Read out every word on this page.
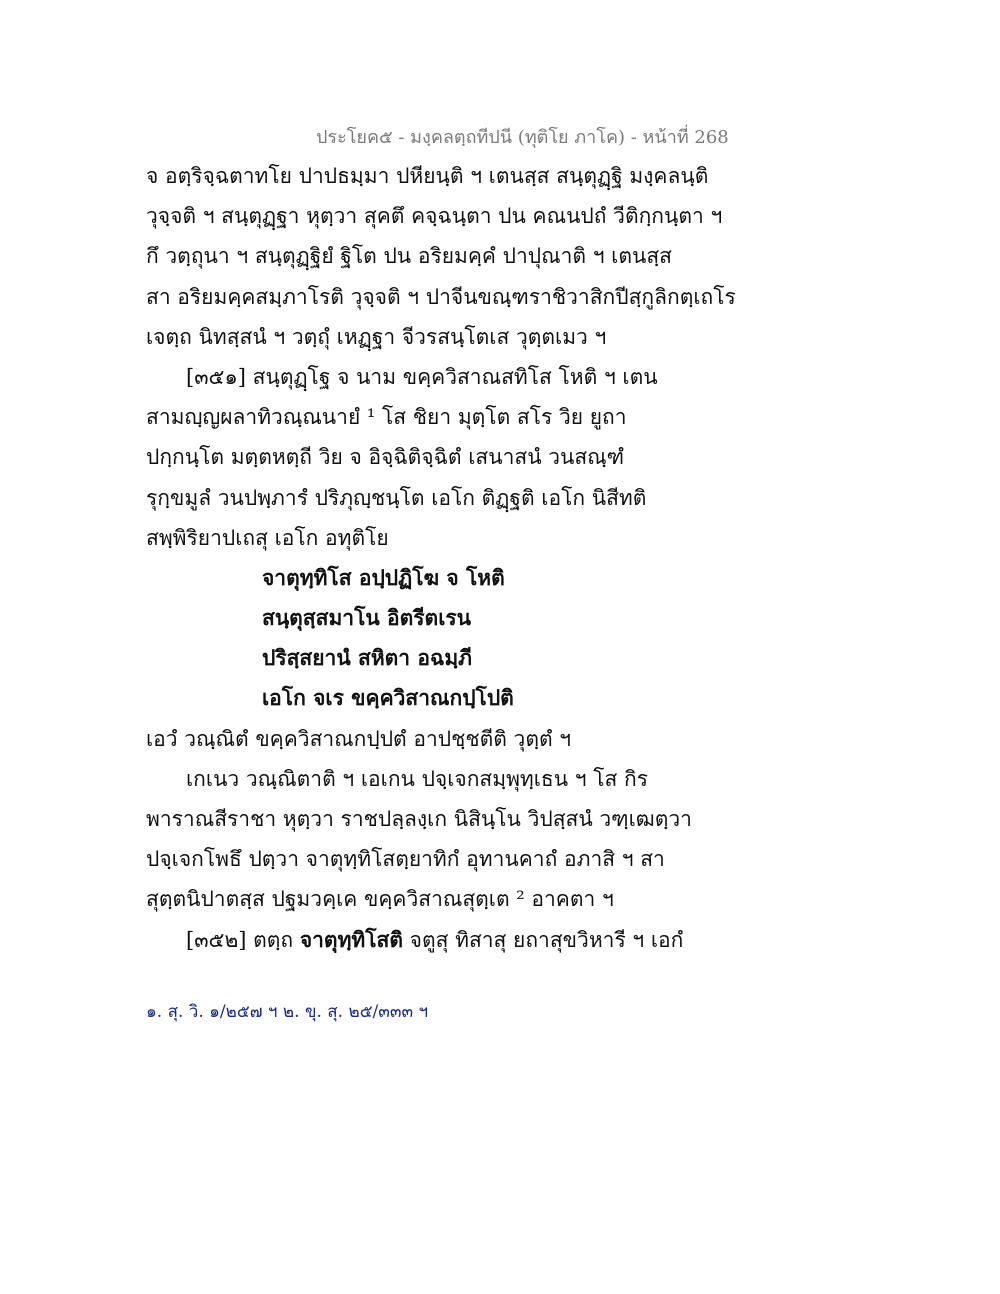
ประโยค๕ - มงฺคลตฺถทีปนี (ทุติโย ภาโค) - หน้าที่ 268
จ อตฺริจฺฉตาทโย ปาปธมฺมา ปหียนฺติ ฯ เตนสฺส สนฺตุฏฺฐิ มงฺคลนฺติ
วุจฺจติ ฯ สนฺตุฏฺฐา หุตฺวา สุคตึ คจฺฉนฺตา ปน คณนปถํ วีติกฺกนฺตา ฯ
กึ วตฺถุนา ฯ สนฺตุฏฺฐิยํ ฐิโต ปน อริยมคฺคํ ปาปุณาติ ฯ เตนสฺส
สา อริยมคฺคสมฺภาโรติ วุจฺจติ ฯ ปาจีนขณฺฑราชิวาสิกปีสฺกูลิกตฺเถโร
เจตฺถ นิทสฺสนํ ฯ วตฺถุํ เหฏฺฐา จีวรสนฺโตเส วุตฺตเมว ฯ
[๓๕๑] สนฺตุฏฺโฐ จ นาม ขคฺควิสาณสทิโส โหติ ฯ เตน
สามญฺญผลาทิวณฺณนายํ ¹ โส ชิยา มุตฺโต สโร วิย ยูถา
ปกฺกนฺโต มตฺตหตฺถี วิย จ อิจฺฉิติจฺฉิตํ เสนาสนํ วนสณฺฑํ
รุกฺขมูลํ วนปพฺภารํ ปริภุญฺชนฺโต เอโก ติฏฺฐติ เอโก นิสีทติ
สพฺพิริยาปเถสุ เอโก อทุติโย
จาตุทฺทิโส อปฺปฏิโฆ จ โหติ
สนฺตุสฺสมาโน อิตรีตเรน
ปริสฺสยานํ สหิตา อฉมฺภี
เอโก จเร ขคฺควิสาณกปฺโปติ
เอวํ วณฺณิตํ ขคฺควิสาณกปฺปตํ อาปชฺชตีติ วุตฺตํ ฯ
เกเนว วณฺณิตาติ ฯ เอเกน ปจฺเจกสมฺพุทฺเธน ฯ โส กิร
พาราณสีราชา หุตฺวา ราชปลฺลงฺเก นิสินฺโน วิปสฺสนํ วฑฺเฒตฺวา
ปจฺเจกโพธึ ปตฺวา จาตุทฺทิโสตฺยาทิกํ อุทานคาถํ อภาสิ ฯ สา
สุตฺตนิปาตสฺส ปฐมวคฺเค ขคฺควิสาณสุตฺเต ² อาคตา ฯ
[๓๕๒] ตตฺถ จาตุทฺทิโสติ จตูสุ ทิสาสุ ยถาสุขวิหารี ฯ เอกํ
๑. สุ. วิ. ๑/๒๕๗ ฯ ๒. ขุ. สุ. ๒๕/๓๓๓ ฯ
